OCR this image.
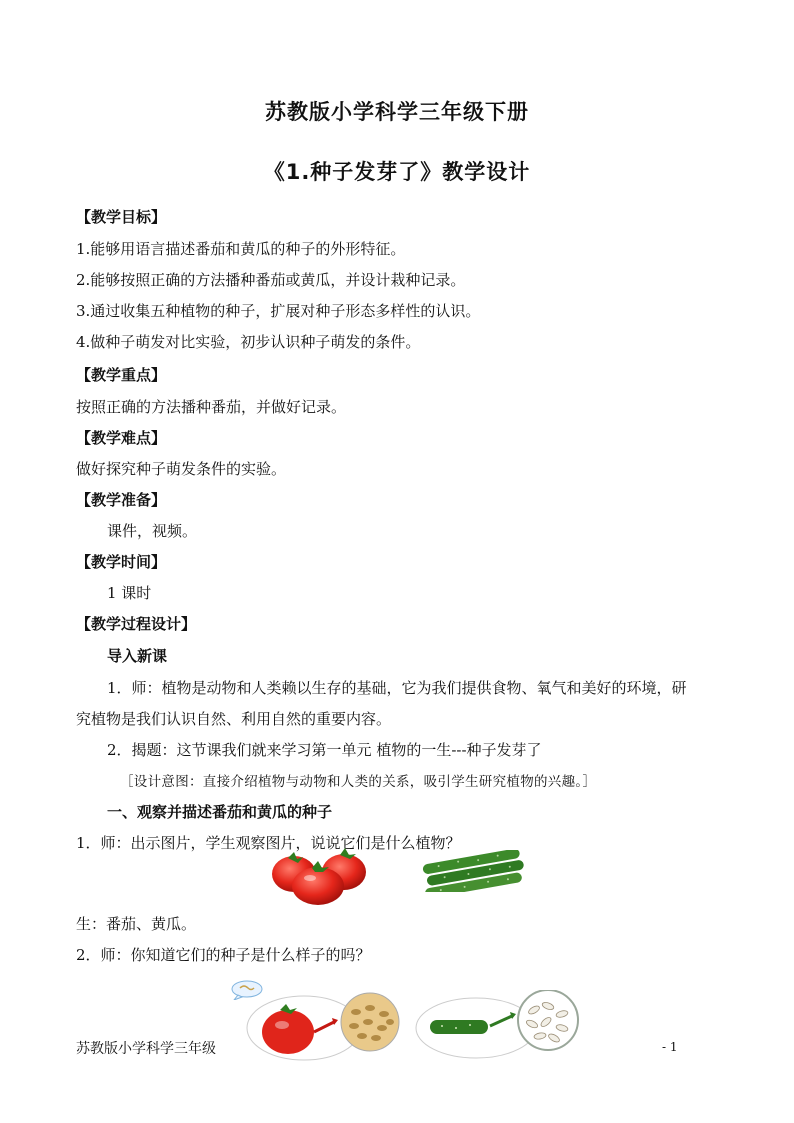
苏教版小学科学三年级下册
《1.种子发芽了》教学设计
【教学目标】
1.能够用语言描述番茄和黄瓜的种子的外形特征。
2.能够按照正确的方法播种番茄或黄瓜，并设计栽种记录。
3.通过收集五种植物的种子，扩展对种子形态多样性的认识。
4.做种子萌发对比实验，初步认识种子萌发的条件。
【教学重点】
按照正确的方法播种番茄，并做好记录。
【教学难点】
做好探究种子萌发条件的实验。
【教学准备】
课件，视频。
【教学时间】
1 课时
【教学过程设计】
导入新课
1．师：植物是动物和人类赖以生存的基础，它为我们提供食物、氧气和美好的环境，研
究植物是我们认识自然、利用自然的重要内容。
2．揭题：这节课我们就来学习第一单元 植物的一生---种子发芽了
［设计意图：直接介绍植物与动物和人类的关系，吸引学生研究植物的兴趣。］
一、观察并描述番茄和黄瓜的种子
1．师：出示图片，学生观察图片，说说它们是什么植物？
生：番茄、黄瓜。
2．师：你知道它们的种子是什么样子的吗？
苏教版小学科学三年级	- 1
